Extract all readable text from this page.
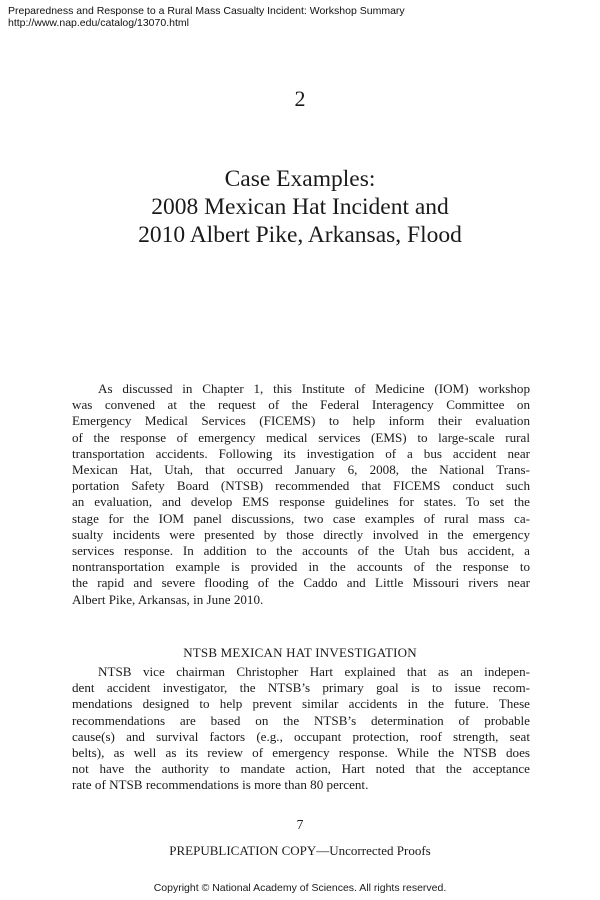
Preparedness and Response to a Rural Mass Casualty Incident: Workshop Summary
http://www.nap.edu/catalog/13070.html
2
Case Examples:
2008 Mexican Hat Incident and
2010 Albert Pike, Arkansas, Flood
As discussed in Chapter 1, this Institute of Medicine (IOM) workshop
was convened at the request of the Federal Interagency Committee on
Emergency Medical Services (FICEMS) to help inform their evaluation
of the response of emergency medical services (EMS) to large-scale rural
transportation accidents. Following its investigation of a bus accident near
Mexican Hat, Utah, that occurred January 6, 2008, the National Trans-
portation Safety Board (NTSB) recommended that FICEMS conduct such
an evaluation, and develop EMS response guidelines for states. To set the
stage for the IOM panel discussions, two case examples of rural mass ca-
sualty incidents were presented by those directly involved in the emergency
services response. In addition to the accounts of the Utah bus accident, a
nontransportation example is provided in the accounts of the response to
the rapid and severe flooding of the Caddo and Little Missouri rivers near
Albert Pike, Arkansas, in June 2010.
NTSB MEXICAN HAT INVESTIGATION
NTSB vice chairman Christopher Hart explained that as an indepen-
dent accident investigator, the NTSB’s primary goal is to issue recom-
mendations designed to help prevent similar accidents in the future. These
recommendations are based on the NTSB’s determination of probable
cause(s) and survival factors (e.g., occupant protection, roof strength, seat
belts), as well as its review of emergency response. While the NTSB does
not have the authority to mandate action, Hart noted that the acceptance
rate of NTSB recommendations is more than 80 percent.
7
PREPUBLICATION COPY—Uncorrected Proofs
Copyright © National Academy of Sciences. All rights reserved.
